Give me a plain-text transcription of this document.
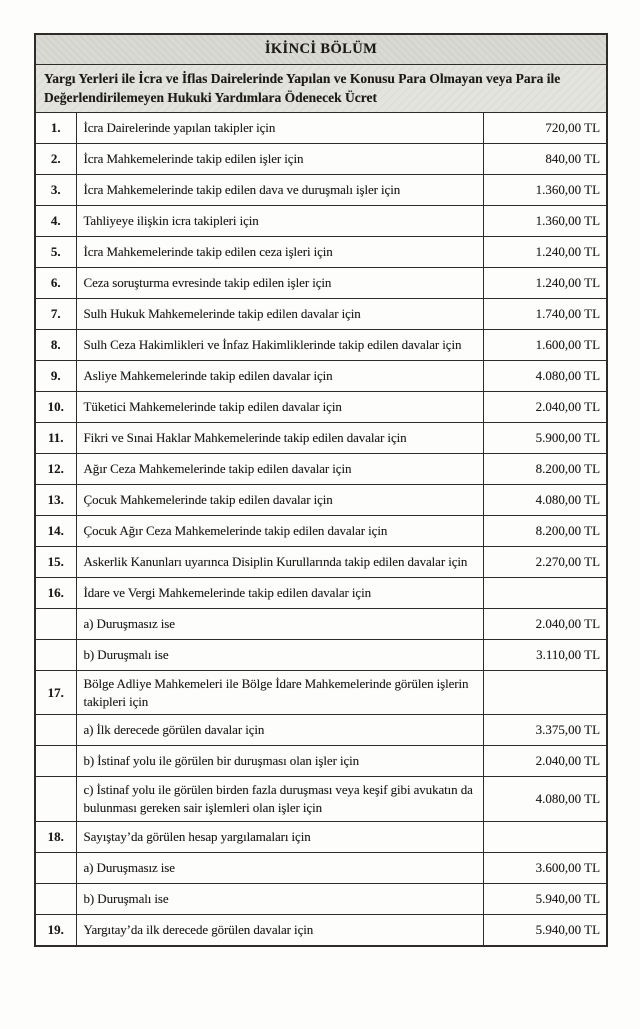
İKİNCİ BÖLÜM		
Yargı Yerleri ile İcra ve İflas Dairelerinde Yapılan ve Konusu Para Olmayan veya Para ile Değerlendirilemeyen Hukuki Yardımlara Ödenecek Ücret		
1.	İcra Dairelerinde yapılan takipler için	720,00 TL
2.	İcra Mahkemelerinde takip edilen işler için	840,00 TL
3.	İcra Mahkemelerinde takip edilen dava ve duruşmalı işler için	1.360,00 TL
4.	Tahliyeye ilişkin icra takipleri için	1.360,00 TL
5.	İcra Mahkemelerinde takip edilen ceza işleri için	1.240,00 TL
6.	Ceza soruşturma evresinde takip edilen işler için	1.240,00 TL
7.	Sulh Hukuk Mahkemelerinde takip edilen davalar için	1.740,00 TL
8.	Sulh Ceza Hakimlikleri ve İnfaz Hakimliklerinde takip edilen davalar için	1.600,00 TL
9.	Asliye Mahkemelerinde takip edilen davalar için	4.080,00 TL
10.	Tüketici Mahkemelerinde takip edilen davalar için	2.040,00 TL
11.	Fikri ve Sınai Haklar Mahkemelerinde takip edilen davalar için	5.900,00 TL
12.	Ağır Ceza Mahkemelerinde takip edilen davalar için	8.200,00 TL
13.	Çocuk Mahkemelerinde takip edilen davalar için	4.080,00 TL
14.	Çocuk Ağır Ceza Mahkemelerinde takip edilen davalar için	8.200,00 TL
15.	Askerlik Kanunları uyarınca Disiplin Kurullarında takip edilen davalar için	2.270,00 TL
16.	İdare ve Vergi Mahkemelerinde takip edilen davalar için	
	a) Duruşmasız ise	2.040,00 TL
	b) Duruşmalı ise	3.110,00 TL
17.	Bölge Adliye Mahkemeleri ile Bölge İdare Mahkemelerinde görülen işlerin takipleri için	
	a) İlk derecede görülen davalar için	3.375,00 TL
	b) İstinaf yolu ile görülen bir duruşması olan işler için	2.040,00 TL
	c) İstinaf yolu ile görülen birden fazla duruşması veya keşif gibi avukatın da bulunması gereken sair işlemleri olan işler için	4.080,00 TL
18.	Sayıştay’da görülen hesap yargılamaları için	
	a) Duruşmasız ise	3.600,00 TL
	b) Duruşmalı ise	5.940,00 TL
19.	Yargıtay’da ilk derecede görülen davalar için	5.940,00 TL
